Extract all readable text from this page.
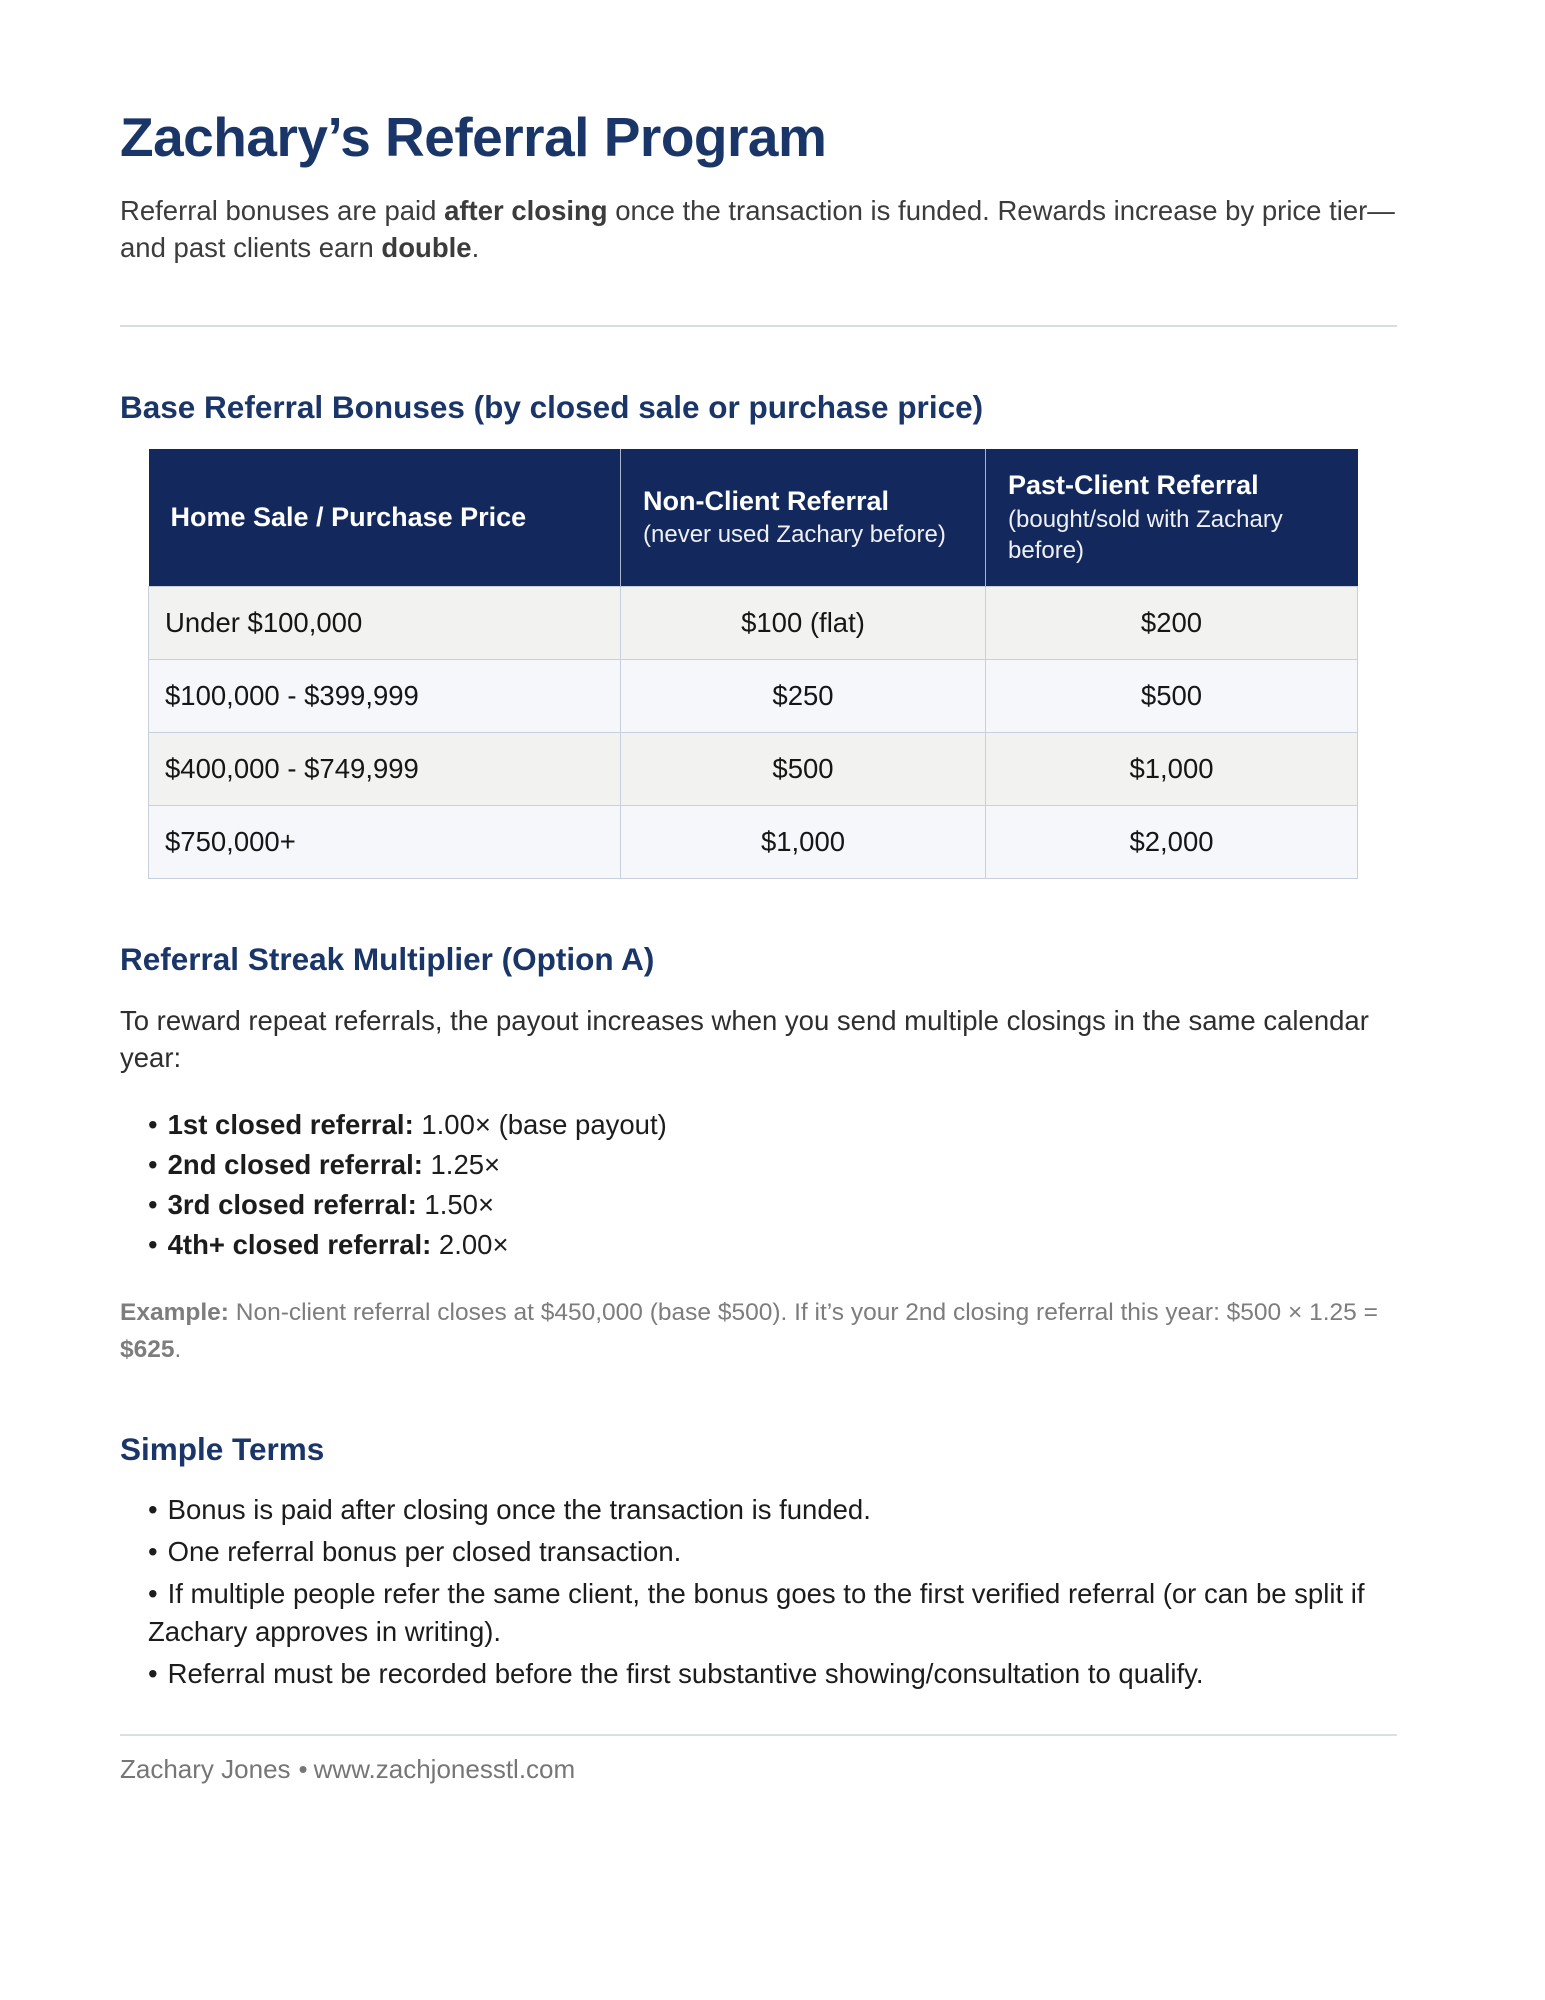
Zachary’s Referral Program

Referral bonuses are paid after closing once the transaction is funded. Rewards increase by price tier—and past clients earn double.

Base Referral Bonuses (by closed sale or purchase price)
Home Sale / Purchase Price

Non-Client Referral
(never used Zachary before)

Past-Client Referral
(bought/sold with Zachary before)

Under $100,000	$100 (flat)	$200
$100,000 - $399,999	$250	$500
$400,000 - $749,999	$500	$1,000
$750,000+	$1,000	$2,000
Referral Streak Multiplier (Option A)

To reward repeat referrals, the payout increases when you send multiple closings in the same calendar year:

• 1st closed referral: 1.00× (base payout)
• 2nd closed referral: 1.25×
• 3rd closed referral: 1.50×
• 4th+ closed referral: 2.00×

Example: Non-client referral closes at $450,000 (base $500). If it’s your 2nd closing referral this year: $500 × 1.25 = $625.

Simple Terms
• Bonus is paid after closing once the transaction is funded.
• One referral bonus per closed transaction.
• If multiple people refer the same client, the bonus goes to the first verified referral (or can be split if Zachary approves in writing).
• Referral must be recorded before the first substantive showing/consultation to qualify.

Zachary Jones • www.zachjonesstl.com
